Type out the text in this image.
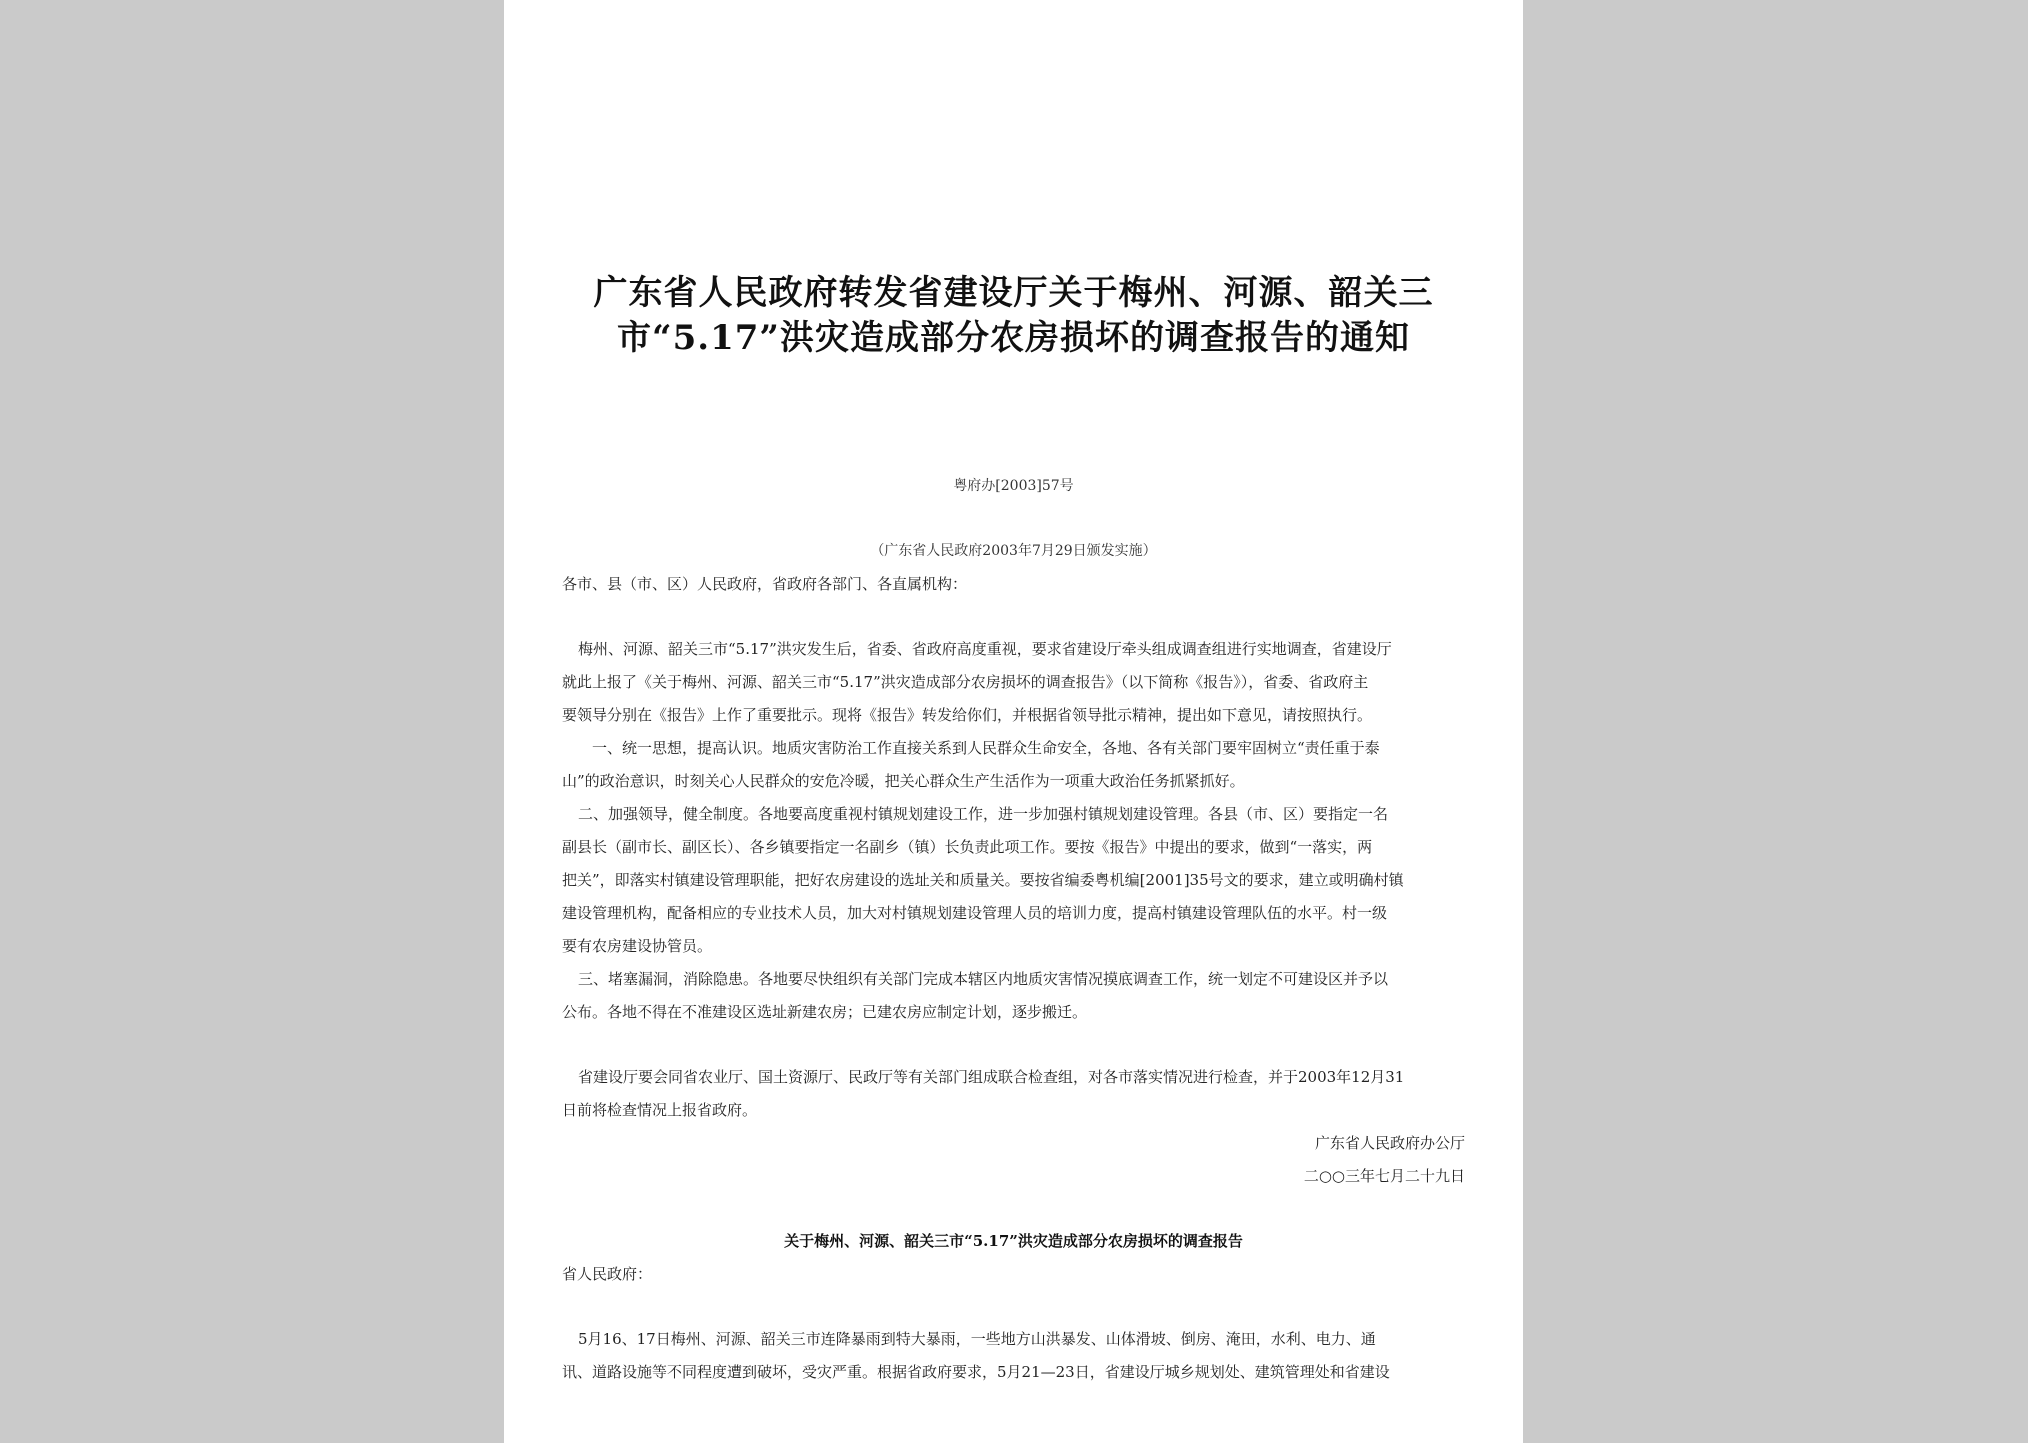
广东省人民政府转发省建设厅关于梅州、河源、韶关三
市“5.17”洪灾造成部分农房损坏的调查报告的通知
粤府办[2003]57号
（广东省人民政府2003年7月29日颁发实施）
各市、县（市、区）人民政府，省政府各部门、各直属机构：
梅州、河源、韶关三市“5.17”洪灾发生后，省委、省政府高度重视，要求省建设厅牵头组成调查组进行实地调查，省建设厅
就此上报了《关于梅州、河源、韶关三市“5.17”洪灾造成部分农房损坏的调查报告》（以下简称《报告》），省委、省政府主
要领导分别在《报告》上作了重要批示。现将《报告》转发给你们，并根据省领导批示精神，提出如下意见，请按照执行。
一、统一思想，提高认识。地质灾害防治工作直接关系到人民群众生命安全，各地、各有关部门要牢固树立“责任重于泰
山”的政治意识，时刻关心人民群众的安危冷暖，把关心群众生产生活作为一项重大政治任务抓紧抓好。
二、加强领导，健全制度。各地要高度重视村镇规划建设工作，进一步加强村镇规划建设管理。各县（市、区）要指定一名
副县长（副市长、副区长）、各乡镇要指定一名副乡（镇）长负责此项工作。要按《报告》中提出的要求，做到“一落实，两
把关”，即落实村镇建设管理职能，把好农房建设的选址关和质量关。要按省编委粤机编[2001]35号文的要求，建立或明确村镇
建设管理机构，配备相应的专业技术人员，加大对村镇规划建设管理人员的培训力度，提高村镇建设管理队伍的水平。村一级
要有农房建设协管员。
三、堵塞漏洞，消除隐患。各地要尽快组织有关部门完成本辖区内地质灾害情况摸底调查工作，统一划定不可建设区并予以
公布。各地不得在不准建设区选址新建农房；已建农房应制定计划，逐步搬迁。
省建设厅要会同省农业厅、国土资源厅、民政厅等有关部门组成联合检查组，对各市落实情况进行检查，并于2003年12月31
日前将检查情况上报省政府。
广东省人民政府办公厅
二○○三年七月二十九日
关于梅州、河源、韶关三市“5.17”洪灾造成部分农房损坏的调查报告
省人民政府：
5月16、17日梅州、河源、韶关三市连降暴雨到特大暴雨，一些地方山洪暴发、山体滑坡、倒房、淹田，水利、电力、通
讯、道路设施等不同程度遭到破坏，受灾严重。根据省政府要求，5月21—23日，省建设厅城乡规划处、建筑管理处和省建设
